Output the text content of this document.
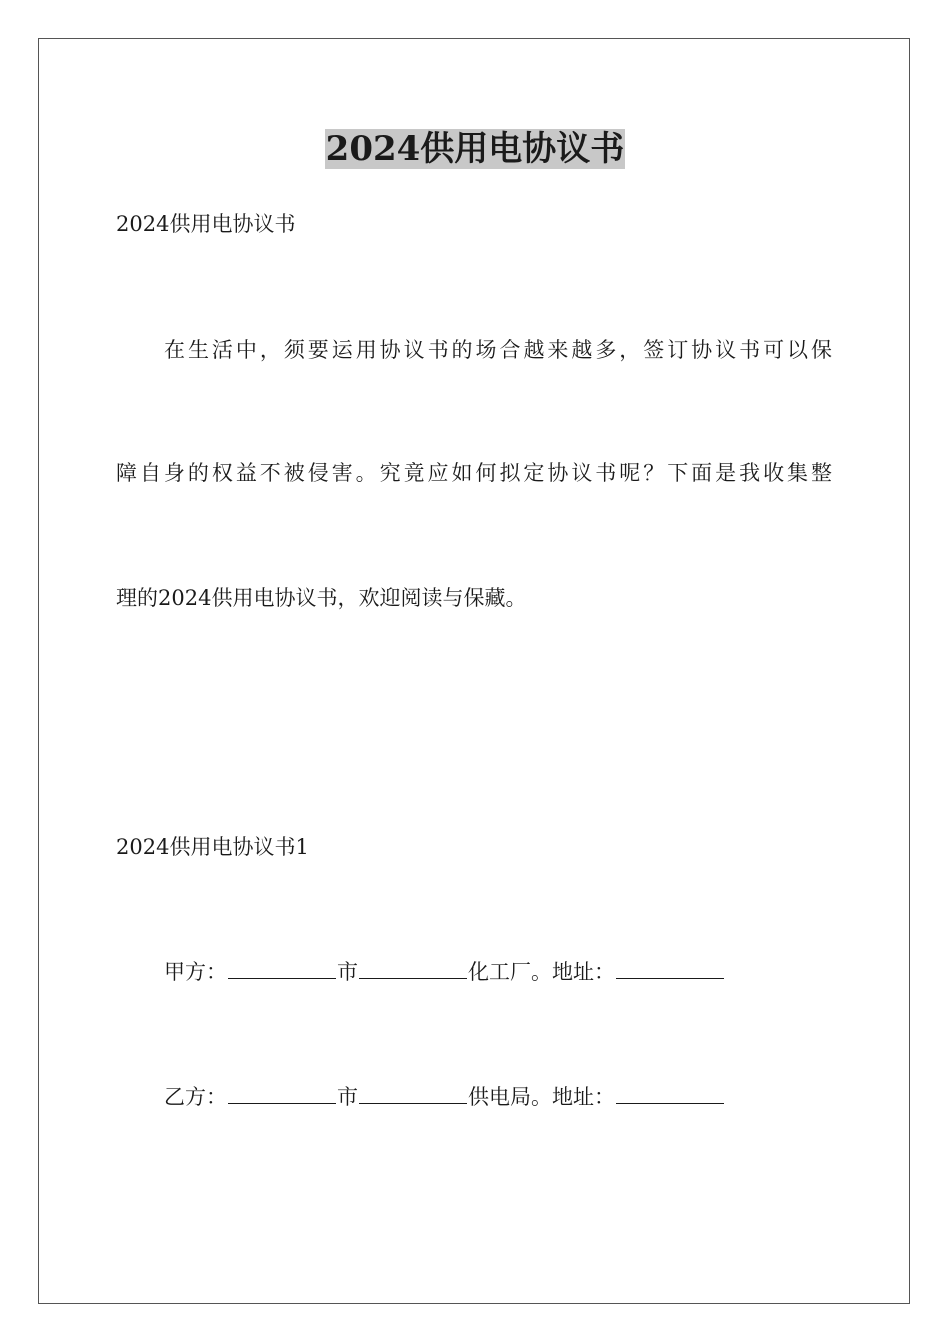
2024供用电协议书
2024供用电协议书
在生活中，须要运用协议书的场合越来越多，签订协议书可以保
障自身的权益不被侵害。究竟应如何拟定协议书呢？下面是我收集整
理的2024供用电协议书，欢迎阅读与保藏。
2024供用电协议书1
甲方：	市	化工厂。地址：
乙方：	市	供电局。地址：
